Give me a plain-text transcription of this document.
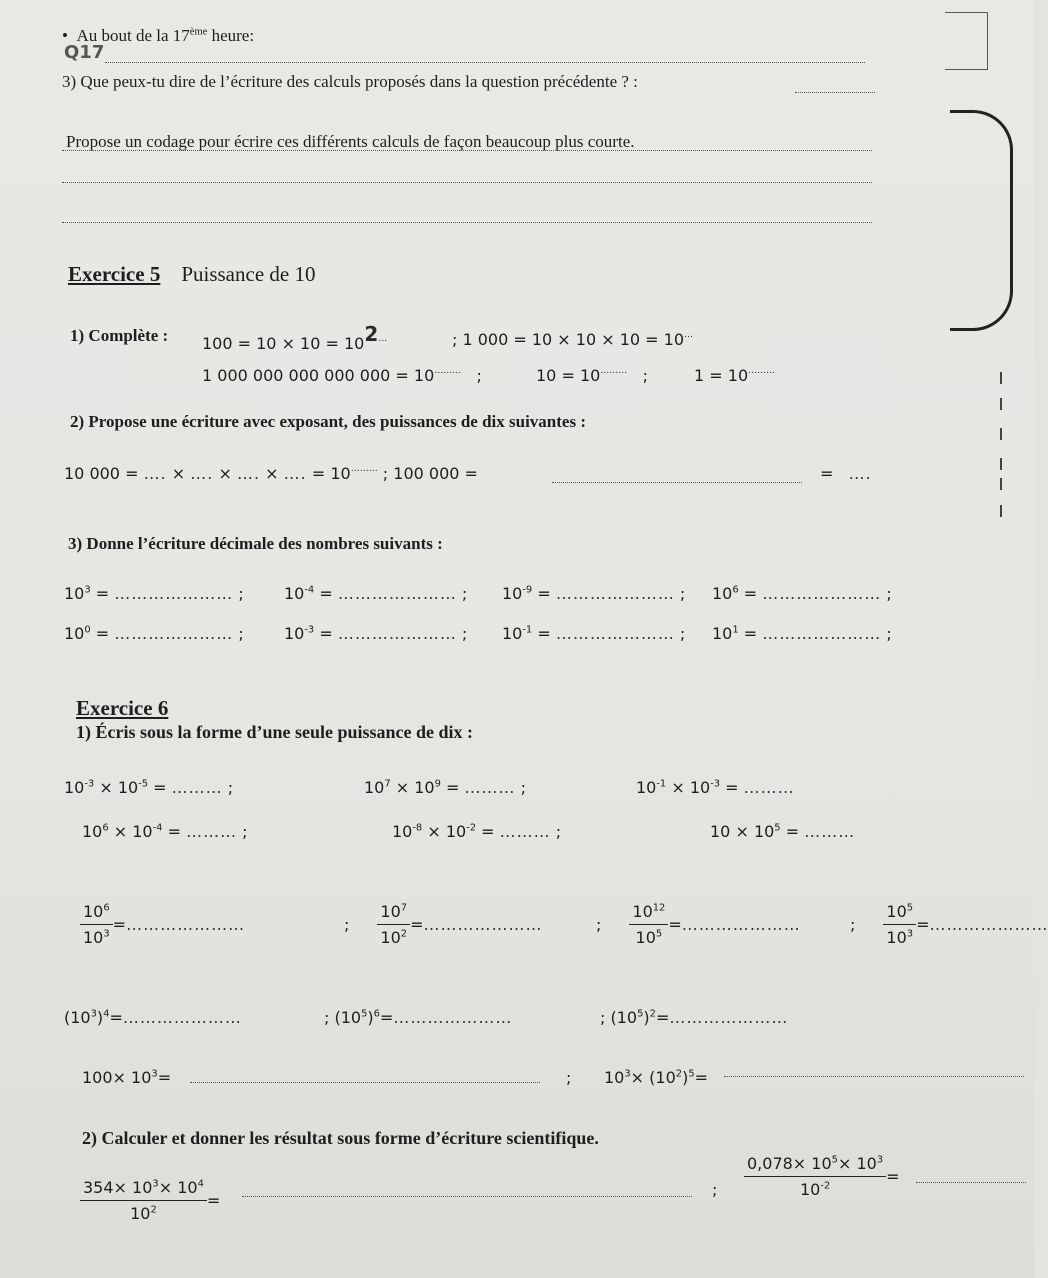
•  Au bout de la 17ème heure:
Q17
3) Que peux-tu dire de l’écriture des calculs proposés dans la question précédente ? :
Propose un codage pour écrire ces différents calculs de façon beaucoup plus courte.
Exercice 5 Puissance de 10
1) Complète : 100 = 10 × 10 = 102…	; 1 000 = 10 × 10 × 10 = 10…
1 000 000 000 000 000 = 10……… ;	10 = 10……… ;	1 = 10………
2) Propose une écriture avec exposant, des puissances de dix suivantes :
10 000 = …. × …. × …. × …. = 10……… ; 100 000 =	= ….
3) Donne l’écriture décimale des nombres suivants :
$10^3$ = ………………… ;	$10^{-4}$ = ………………… ; $10^{-9}$ = ………………… ; $10^6$ = ………………… ;
$10^0$ = ………………… ;	$10^{-3}$ = ………………… ; $10^{-1}$ = ………………… ; $10^1$ = ………………… ;
Exercice 6
1) Écris sous la forme d’une seule puissance de dix :
$10^{-3} \times 10^{-5}$ = ……… ;	$10^7 \times 10^9$ = ……… ;	$10^{-1} \times 10^{-3}$ = ………
$10^6 \times 10^{-4}$ = ……… ;	$10^{-8} \times 10^{-2}$ = ……… ;	$10 \times 10^5$ = ………
$\frac{10^6}{10^3}$ = …………………	; $\frac{10^7}{10^2}$ = …………………	; $\frac{10^{12}}{10^5}$ = …………………	; $\frac{10^5}{10^3}$ = …………………
$(10^3)^4=\dots\dots\dots\dots\dots\dots\dots$	; $(10^5)^6=\dots\dots\dots\dots\dots\dots\dots$	; $(10^5)^2=\dots\dots\dots\dots\dots\dots\dots$
$100\times 10^3=$	; $10^3\times (10^2)^5=$
2) Calculer et donner les résultat sous forme d’écriture scientifique.
$\frac{354\times 10^3\times 10^4}{10^2}$ =
; $\frac{0,078\times 10^5\times 10^3}{10^{-2}}$ =
